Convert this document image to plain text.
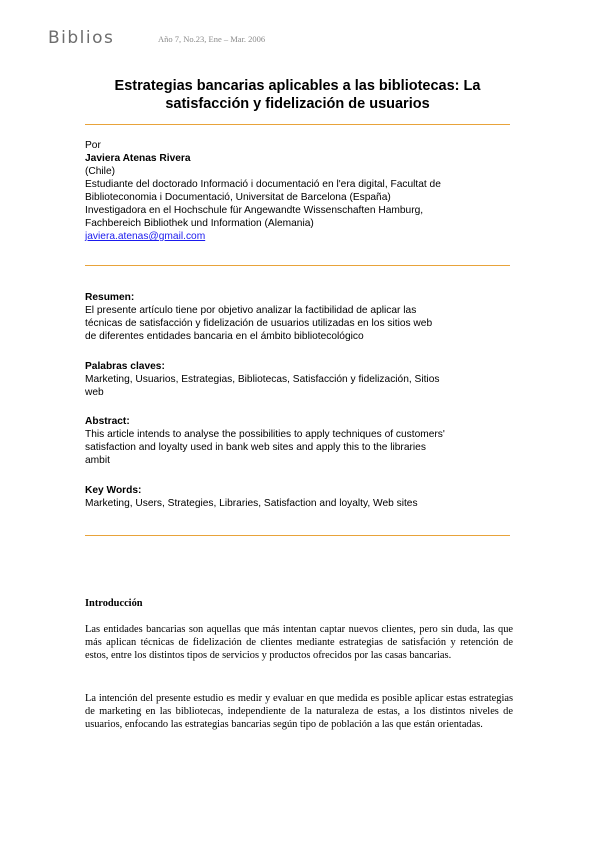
Biblios	Año 7, No.23, Ene – Mar. 2006
Estrategias bancarias aplicables a las bibliotecas: La
satisfacción y fidelización de usuarios
Por
Javiera Atenas Rivera
(Chile)
Estudiante del doctorado Informació i documentació en l'era digital, Facultat de
Biblioteconomia i Documentació, Universitat de Barcelona (España)
Investigadora en el Hochschule für Angewandte Wissenschaften Hamburg,
Fachbereich Bibliothek und Information (Alemania)
javiera.atenas@gmail.com
Resumen:
El presente artículo tiene por objetivo analizar la factibilidad de aplicar las
técnicas de satisfacción y fidelización de usuarios utilizadas en los sitios web
de diferentes entidades bancaria en el ámbito bibliotecológico
Palabras claves:
Marketing, Usuarios, Estrategias, Bibliotecas, Satisfacción y fidelización, Sitios
web
Abstract:
This article intends to analyse the possibilities to apply techniques of customers'
satisfaction and loyalty used in bank web sites and apply this to the libraries
ambit
Key Words:
Marketing, Users, Strategies, Libraries, Satisfaction and loyalty, Web sites
Introducción
Las entidades bancarias son aquellas que más intentan captar nuevos clientes, pero sin duda, las que más aplican técnicas de fidelización de clientes mediante estrategias de satisfación y retención de estos, entre los distintos tipos de servicios y productos ofrecidos por las casas bancarias.
La intención del presente estudio es medir y evaluar en que medida es posible aplicar estas estrategias de marketing en las bibliotecas, independiente de la naturaleza de estas, a los distintos niveles de usuarios, enfocando las estrategias bancarias según tipo de población a las que están orientadas.
